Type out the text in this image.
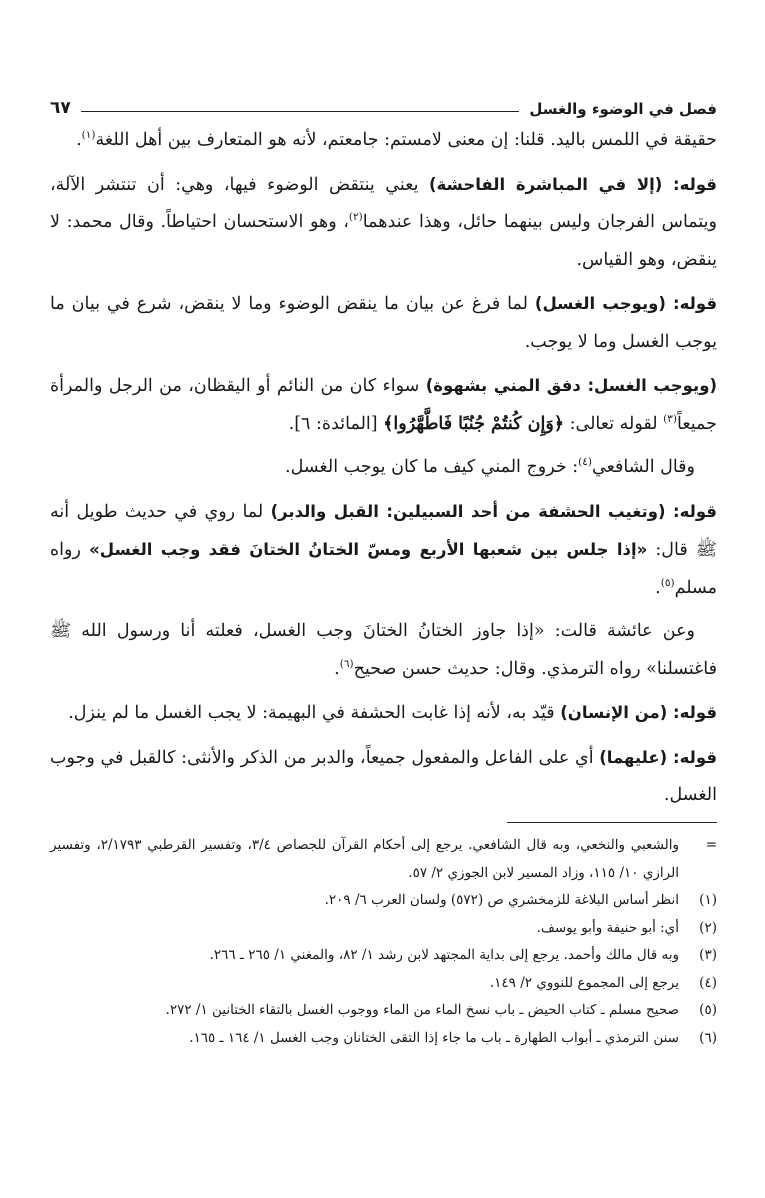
فصل في الوضوء والغسل
٦٧

حقيقة في اللمس باليد. قلنا: إن معنى لامستم: جامعتم، لأنه هو المتعارف بين أهل اللغة$^{(١)}$.

قوله: (إلا في المباشرة الفاحشة) يعني ينتقض الوضوء فيها، وهي: أن تنتشر الآلة، ويتماس الفرجان وليس بينهما حائل، وهذا عندهما$^{(٢)}$، وهو الاستحسان احتياطاً. وقال محمد: لا ينقض، وهو القياس.

قوله: (ويوجب الغسل) لما فرغ عن بيان ما ينقض الوضوء وما لا ينقض، شرع في بيان ما يوجب الغسل وما لا يوجب.

(ويوجب الغسل: دفق المني بشهوة) سواء كان من النائم أو اليقظان، من الرجل والمرأة جميعاً$^{(٣)}$ لقوله تعالى: ﴿وَإِن كُنتُمْ جُنُبًا فَاطَّهَّرُوا﴾ [المائدة: ٦].

وقال الشافعي$^{(٤)}$: خروج المني كيف ما كان يوجب الغسل.

قوله: (وتغيب الحشفة من أحد السبيلين: القبل والدبر) لما روي في حديث طويل أنه ﷺ قال: «إذا جلس بين شعبها الأربع ومسّ الختانُ الختانَ فقد وجب الغسل» رواه مسلم$^{(٥)}$.

وعن عائشة قالت: «إذا جاوز الختانُ الختانَ وجب الغسل، فعلته أنا ورسول الله ﷺ فاغتسلنا» رواه الترمذي. وقال: حديث حسن صحيح$^{(٦)}$.

قوله: (من الإنسان) قيّد به، لأنه إذا غابت الحشفة في البهيمة: لا يجب الغسل ما لم ينزل.

قوله: (عليهما) أي على الفاعل والمفعول جميعاً، والدبر من الذكر والأنثى: كالقبل في وجوب الغسل.

=
والشعبي والنخعي، وبه قال الشافعي. يرجع إلى أحكام القرآن للجصاص ٣/٤، وتفسير القرطبي ٢/١٧٩٣، وتفسير الرازي ١٠/ ١١٥، وزاد المسير لابن الجوزي ٢/ ٥٧.
(١)
انظر أساس البلاغة للزمخشري ص (٥٧٢) ولسان العرب ٦/ ٢٠٩.
(٢)
أي: أبو حنيفة وأبو يوسف.
(٣)
وبه قال مالك وأحمد. يرجع إلى بداية المجتهد لابن رشد ١/ ٨٢، والمغني ١/ ٢٦٥ ـ ٢٦٦.
(٤)
يرجع إلى المجموع للنووي ٢/ ١٤٩.
(٥)
صحيح مسلم ـ كتاب الحيض ـ باب نسخ الماء من الماء ووجوب الغسل بالتقاء الختانين ١/ ٢٧٢.
(٦)
سنن الترمذي ـ أبواب الطهارة ـ باب ما جاء إذا التقى الختانان وجب الغسل ١/ ١٦٤ ـ ١٦٥.
